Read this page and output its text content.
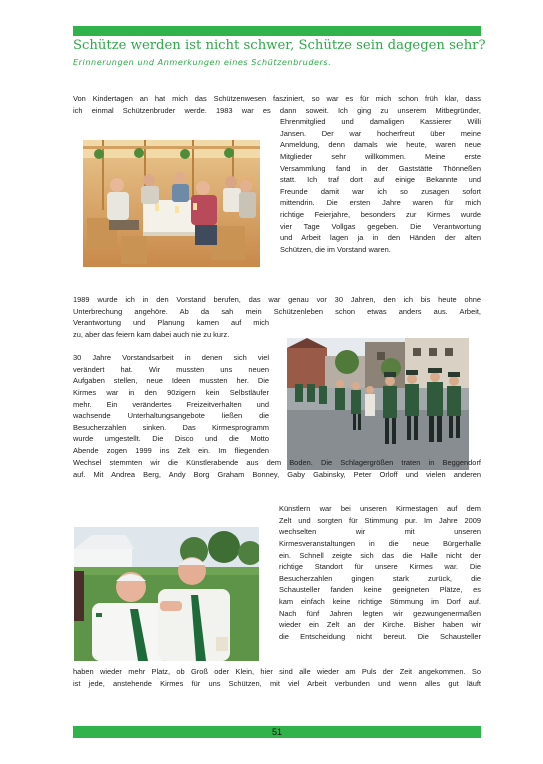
Schütze werden ist nicht schwer, Schütze sein dagegen sehr?
Erinnerungen und Anmerkungen eines Schützenbruders.
Von Kindertagen an hat mich das Schützenwesen fasziniert, so war es für mich schon früh klar, dass
ich einmal Schützenbruder werde. 1983 war es dann soweit. Ich ging zu unserem Mitbegründer,
Ehrenmitglied und damaligen Kassierer Willi
Jansen. Der war hocherfreut über meine
Anmeldung, denn damals wie heute, waren neue
Mitglieder sehr willkommen. Meine erste
Versammlung fand in der Gaststätte Thönneßen
statt. Ich traf dort auf einige Bekannte und
Freunde damit war ich so zusagen sofort
mittendrin. Die ersten Jahre waren für mich
richtige Feierjahre, besonders zur Kirmes wurde
vier Tage Vollgas gegeben. Die Verantwortung
und Arbeit lagen ja in den Händen der alten
Schützen, die im Vorstand waren.
1989 wurde ich in den Vorstand berufen, das war genau vor 30 Jahren, den ich bis heute ohne
Unterbrechung angehöre. Ab da sah mein Schützenleben schon etwas anders aus. Arbeit,
Verantwortung und Planung kamen auf mich
zu, aber das feiern kam dabei auch nie zu kurz.
30 Jahre Vorstandsarbeit in denen sich viel
verändert hat. Wir mussten uns neuen
Aufgaben stellen, neue Ideen mussten her. Die
Kirmes war in den 90zigern kein Selbstläufer
mehr. Ein verändertes Freizeitverhalten und
wachsende Unterhaltungsangebote ließen die
Besucherzahlen sinken. Das Kirmesprogramm
wurde umgestellt. Die Disco und die Motto
Abende zogen 1999 ins Zelt ein. Im fliegenden
Wechsel stemmten wir die Künstlerabende aus dem Boden. Die Schlagergrößen traten in Beggendorf
auf. Mit Andrea Berg, Andy Borg Graham Bonney, Gaby Gabinsky, Peter Orloff und vielen anderen
Künstlern war bei unseren Kirmestagen auf dem
Zelt und sorgten für Stimmung pur. Im Jahre 2009
wechselten wir mit unseren
Kirmesveranstaltungen in die neue Bürgerhalle
ein. Schnell zeigte sich das die Halle nicht der
richtige Standort für unsere Kirmes war. Die
Besucherzahlen gingen stark zurück, die
Schausteller fanden keine geeigneten Plätze, es
kam einfach keine richtige Stimmung im Dorf auf.
Nach fünf Jahren legten wir gezwungenermaßen
wieder ein Zelt an der Kirche. Bisher haben wir
die Entscheidung nicht bereut. Die Schausteller
haben wieder mehr Platz, ob Groß oder Klein, hier sind alle wieder am Puls der Zeit angekommen. So
ist jede, anstehende Kirmes für uns Schützen, mit viel Arbeit verbunden und wenn alles gut läuft
51
